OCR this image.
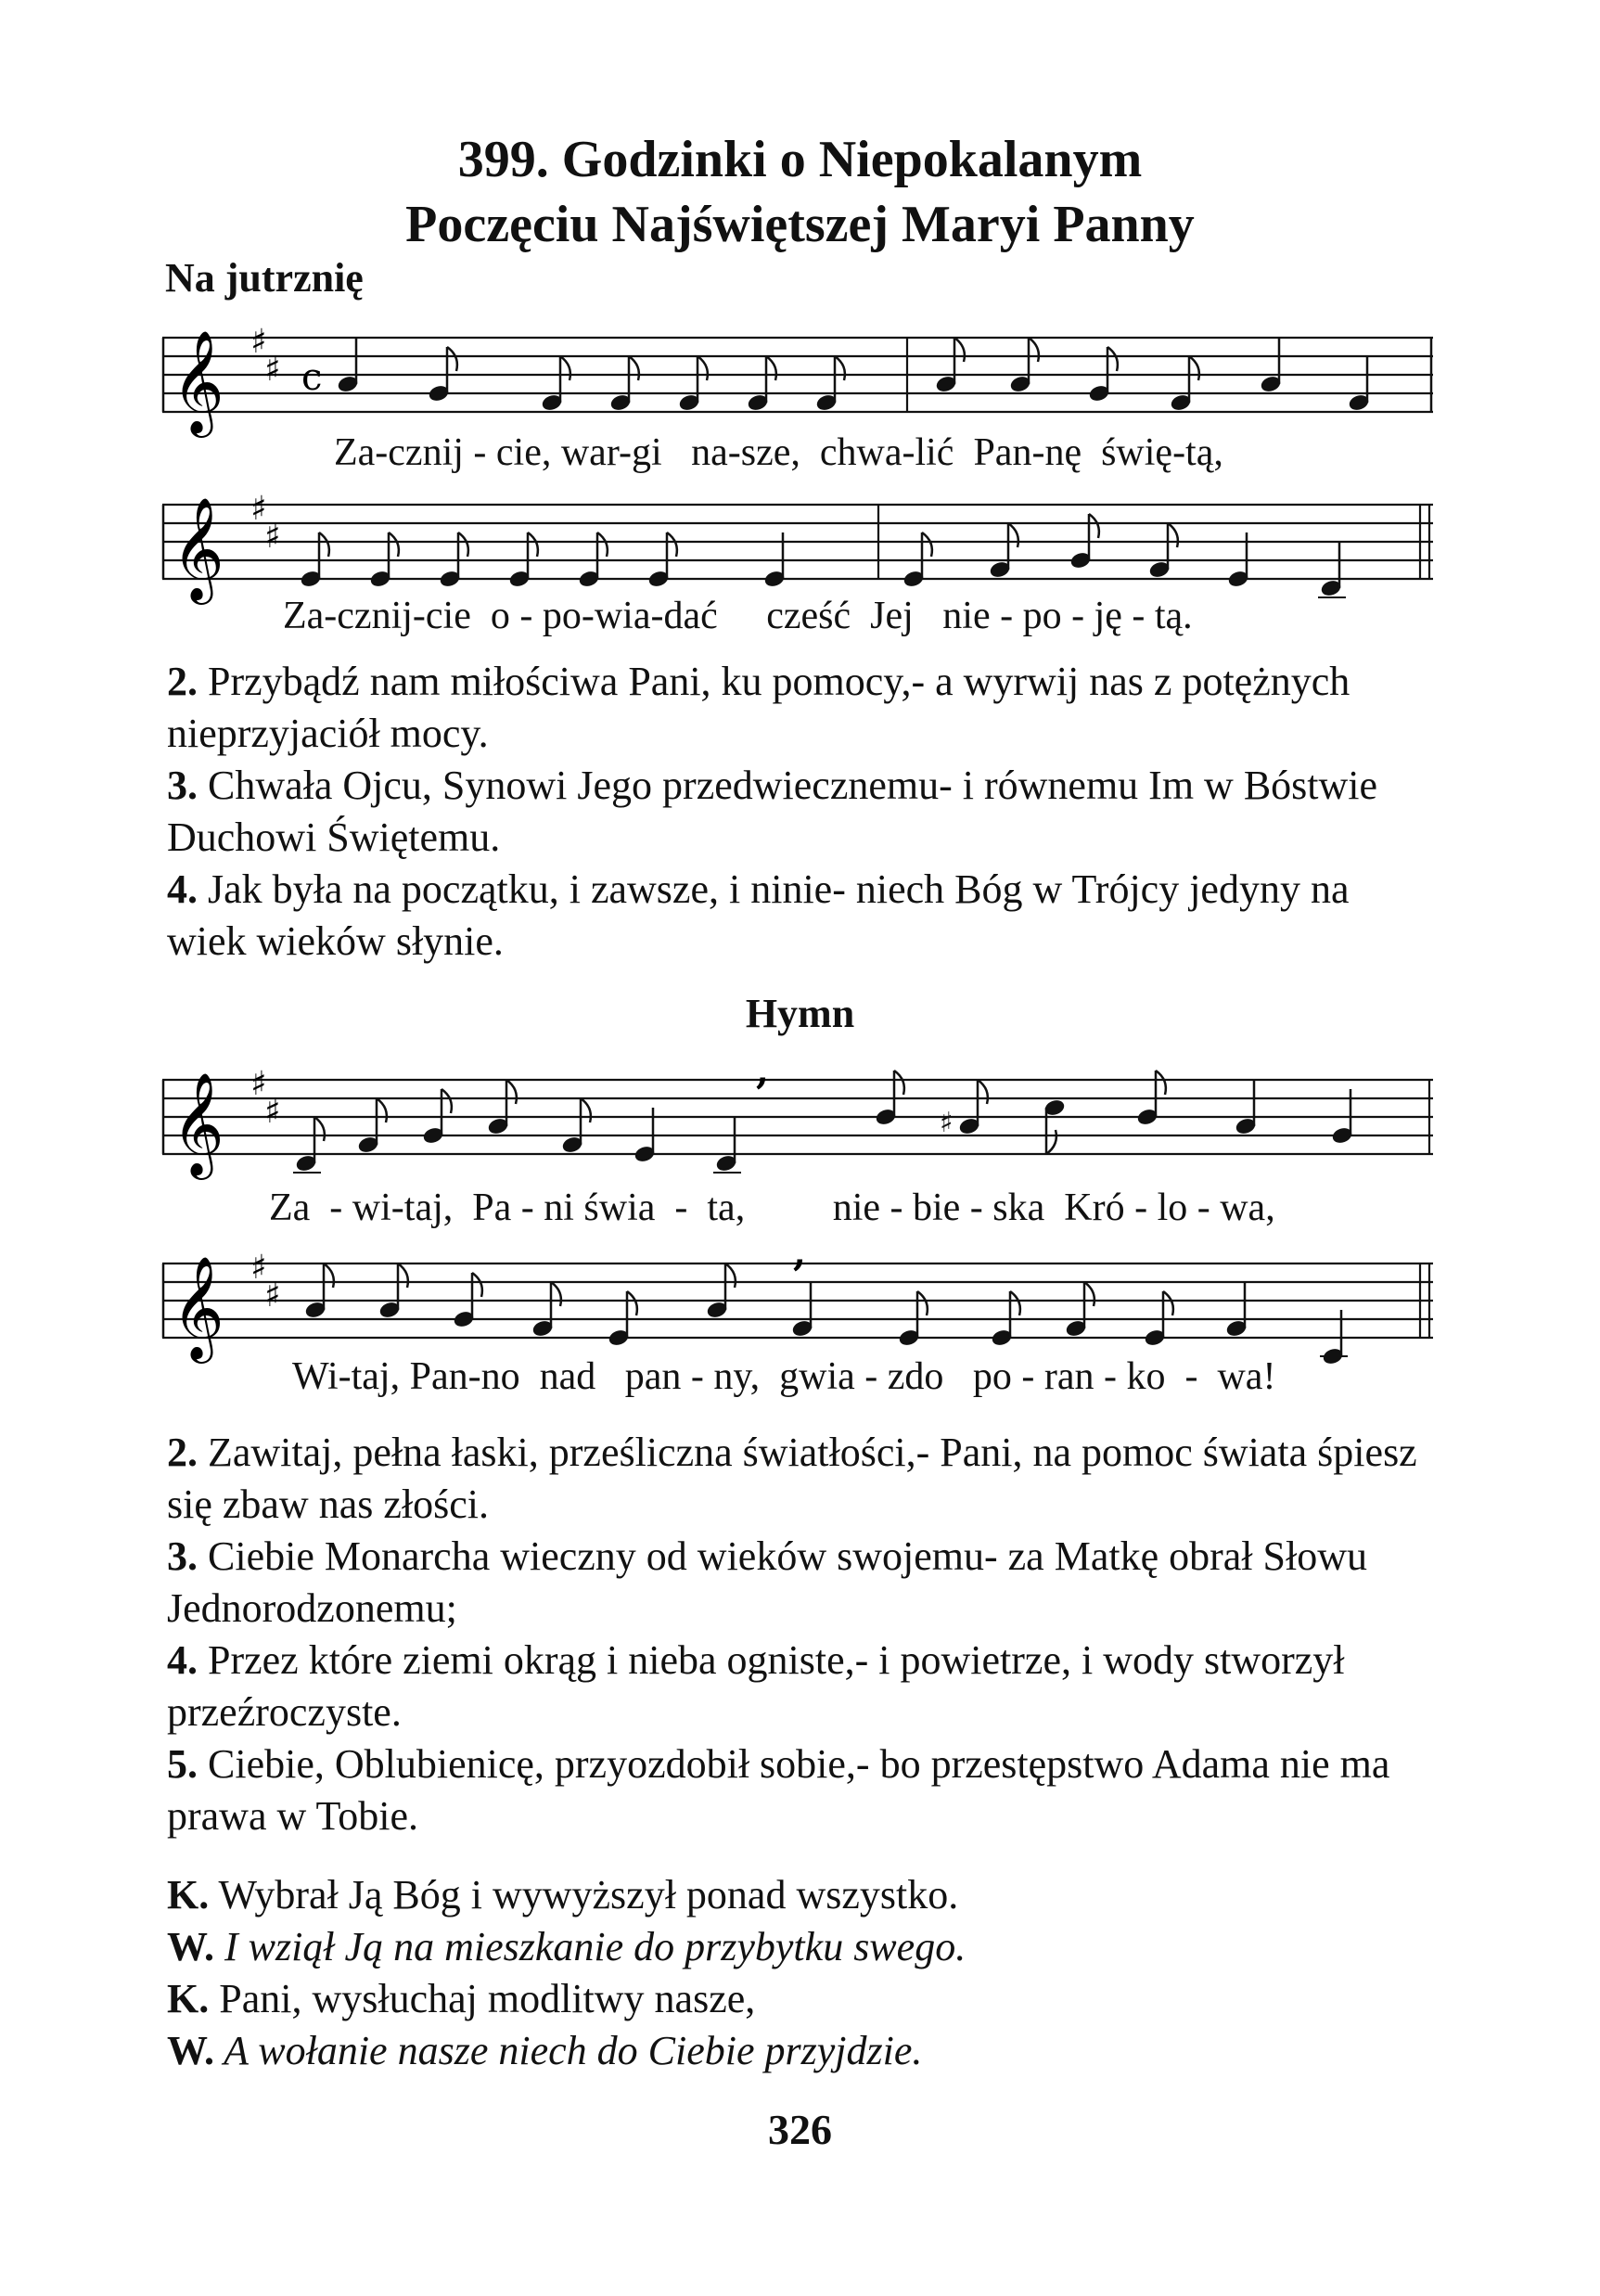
399. Godzinki o Niepokalanym
Poczęciu Najświętszej Maryi Panny
Na jutrznię
𝄞 ♯
♯ c
Za-cznij - cie, war-gi   na-sze,  chwa-lić  Pan-nę  świę-tą,
𝄞 ♯
♯
Za-cznij-cie  o - po-wia-dać     cześć  Jej   nie - po - ję - tą.
2. Przybądź nam miłościwa Pani, ku pomocy,- a wyrwij nas z potężnych nieprzyjaciół mocy.
3. Chwała Ojcu, Synowi Jego przedwiecznemu- i równemu Im w Bóstwie Duchowi Świętemu.
4. Jak była na początku, i zawsze, i ninie- niech Bóg w Trójcy jedyny na wiek wieków słynie.
Hymn
𝄞 ♯
♯
,
♯
Za  - wi-taj,  Pa - ni świa  -  ta,         nie - bie - ska  Kró - lo - wa,
𝄞 ♯
♯
,
Wi-taj, Pan-no  nad   pan - ny,  gwia - zdo   po - ran - ko  -  wa!
2. Zawitaj, pełna łaski, prześliczna światłości,- Pani, na pomoc świata śpiesz się zbaw nas złości.
3. Ciebie Monarcha wieczny od wieków swojemu- za Matkę obrał Słowu Jednorodzonemu;
4. Przez które ziemi okrąg i nieba ogniste,- i powietrze, i wody stworzył przeźroczyste.
5. Ciebie, Oblubienicę, przyozdobił sobie,- bo przestępstwo Adama nie ma prawa w Tobie.
K. Wybrał Ją Bóg i wywyższył ponad wszystko.
W. I wziął Ją na mieszkanie do przybytku swego.
K. Pani, wysłuchaj modlitwy nasze,
W. A wołanie nasze niech do Ciebie przyjdzie.
326
